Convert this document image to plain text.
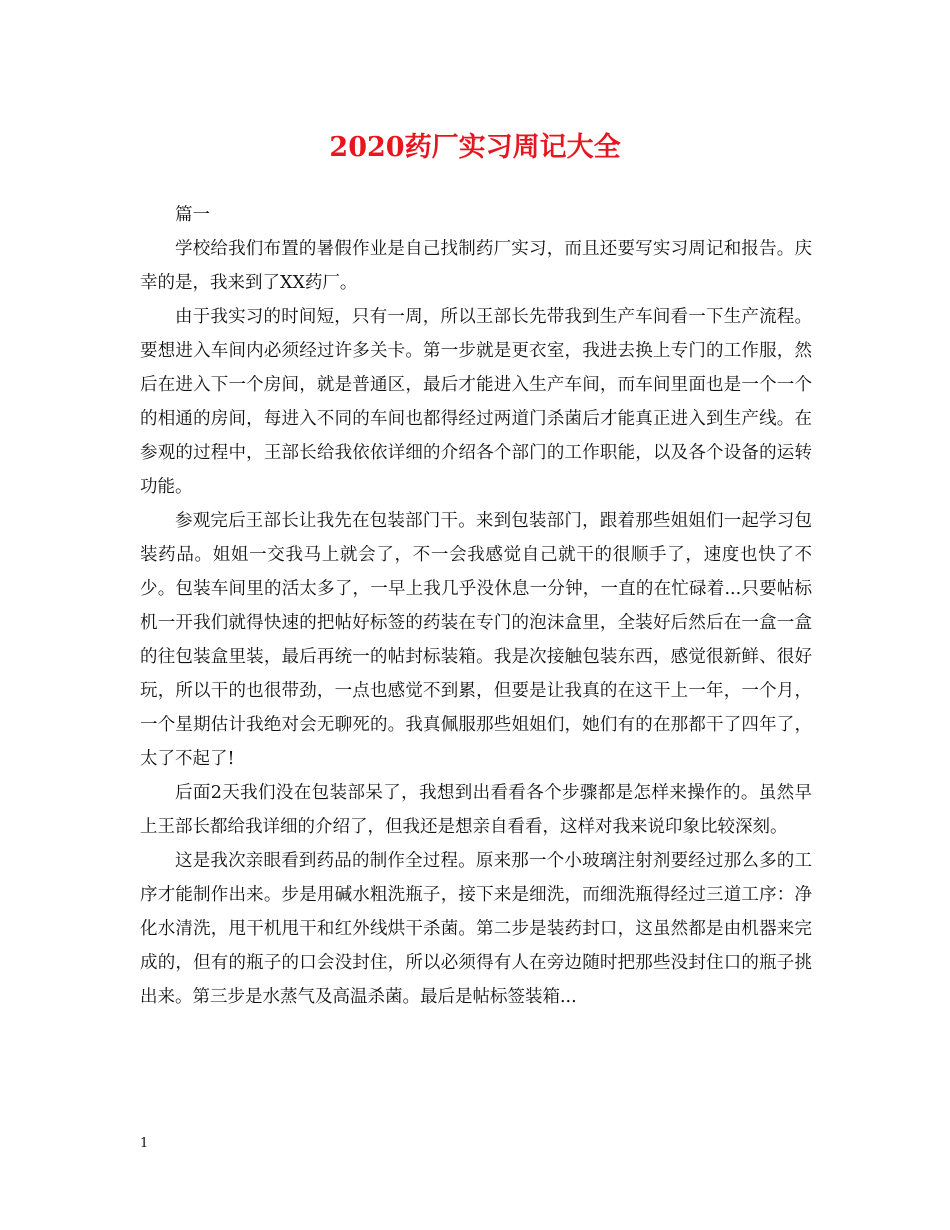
2020药厂实习周记大全

篇一

学校给我们布置的暑假作业是自己找制药厂实习，而且还要写实习周记和报告。庆幸的是，我来到了XX药厂。

由于我实习的时间短，只有一周，所以王部长先带我到生产车间看一下生产流程。要想进入车间内必须经过许多关卡。第一步就是更衣室，我进去换上专门的工作服，然后在进入下一个房间，就是普通区，最后才能进入生产车间，而车间里面也是一个一个的相通的房间，每进入不同的车间也都得经过两道门杀菌后才能真正进入到生产线。在参观的过程中，王部长给我依依详细的介绍各个部门的工作职能，以及各个设备的运转功能。

参观完后王部长让我先在包装部门干。来到包装部门，跟着那些姐姐们一起学习包装药品。姐姐一交我马上就会了，不一会我感觉自己就干的很顺手了，速度也快了不少。包装车间里的活太多了，一早上我几乎没休息一分钟，一直的在忙碌着...只要帖标机一开我们就得快速的把帖好标签的药装在专门的泡沫盒里，全装好后然后在一盒一盒的往包装盒里装，最后再统一的帖封标装箱。我是次接触包装东西，感觉很新鲜、很好玩，所以干的也很带劲，一点也感觉不到累，但要是让我真的在这干上一年，一个月，一个星期估计我绝对会无聊死的。我真佩服那些姐姐们，她们有的在那都干了四年了，太了不起了!

后面2天我们没在包装部呆了，我想到出看看各个步骤都是怎样来操作的。虽然早上王部长都给我详细的介绍了，但我还是想亲自看看，这样对我来说印象比较深刻。

这是我次亲眼看到药品的制作全过程。原来那一个小玻璃注射剂要经过那么多的工序才能制作出来。步是用碱水粗洗瓶子，接下来是细洗，而细洗瓶得经过三道工序：净化水清洗，甩干机甩干和红外线烘干杀菌。第二步是装药封口，这虽然都是由机器来完成的，但有的瓶子的口会没封住，所以必须得有人在旁边随时把那些没封住口的瓶子挑出来。第三步是水蒸气及高温杀菌。最后是帖标签装箱...

1
